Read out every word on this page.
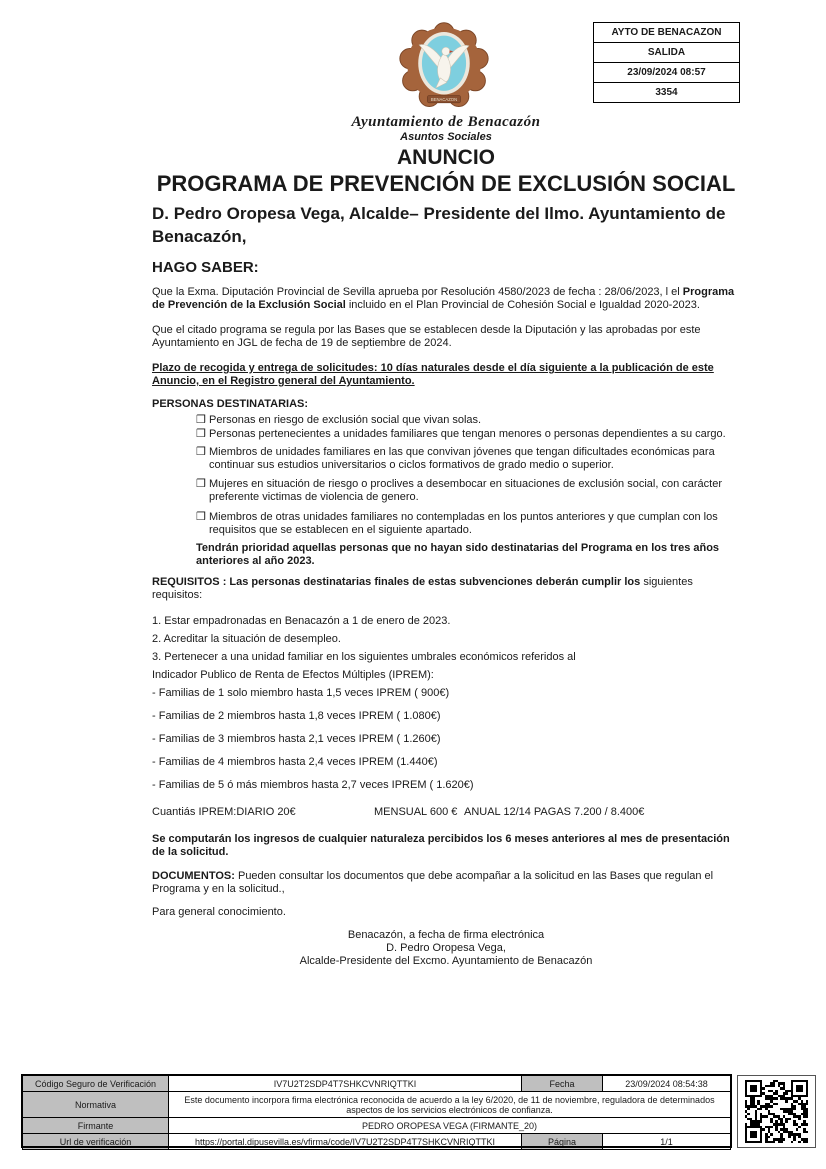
BENACAZON
AYTO DE BENACAZON
SALIDA
23/09/2024 08:57
3354
Ayuntamiento de Benacazón
Asuntos Sociales
ANUNCIO
PROGRAMA DE PREVENCIÓN DE EXCLUSIÓN SOCIAL
D. Pedro Oropesa Vega, Alcalde– Presidente del Ilmo. Ayuntamiento de Benacazón,
HAGO SABER:
Que la Exma. Diputación Provincial de Sevilla aprueba por Resolución 4580/2023 de fecha : 28/06/2023, l el Programa de Prevención de la Exclusión Social incluido en el Plan Provincial de Cohesión Social e Igualdad 2020-2023.
Que el citado programa se regula por las Bases que se establecen desde la Diputación y las aprobadas por este Ayuntamiento en JGL de fecha de 19 de septiembre de 2024.
Plazo de recogida y entrega de solicitudes: 10 días naturales desde el día siguiente a la publicación de este Anuncio, en el Registro general del Ayuntamiento.
PERSONAS DESTINATARIAS:
❒ Personas en riesgo de exclusión social que vivan solas.
❒ Personas pertenecientes a unidades familiares que tengan menores o personas dependientes a su cargo.
❒ Miembros de unidades familiares en las que convivan jóvenes que tengan dificultades económicas para continuar sus estudios universitarios o ciclos formativos de grado medio o superior.
❒ Mujeres en situación de riesgo o proclives a desembocar en situaciones de exclusión social, con carácter preferente victimas de violencia de genero.
❒ Miembros de otras unidades familiares no contempladas en los puntos anteriores y que cumplan con los requisitos que se establecen en el siguiente apartado.
Tendrán prioridad aquellas personas que no hayan sido destinatarias del Programa en los tres años anteriores al año 2023.
REQUISITOS : Las personas destinatarias finales de estas subvenciones deberán cumplir los siguientes requisitos:
1. Estar empadronadas en Benacazón a 1 de enero de 2023.
2. Acreditar la situación de desempleo.
3. Pertenecer a una unidad familiar en los siguientes umbrales económicos referidos al
Indicador Publico de Renta de Efectos Múltiples (IPREM):
- Familias de 1 solo miembro hasta 1,5 veces IPREM ( 900€)
- Familias de 2 miembros hasta 1,8 veces IPREM ( 1.080€)
- Familias de 3 miembros hasta 2,1 veces IPREM ( 1.260€)
- Familias de 4 miembros hasta 2,4 veces IPREM (1.440€)
- Familias de 5 ó más miembros hasta 2,7 veces IPREM ( 1.620€)
Cuantiás IPREM:DIARIO 20€	MENSUAL 600 € ANUAL 12/14 PAGAS 7.200 / 8.400€
Se computarán los ingresos de cualquier naturaleza percibidos los 6 meses anteriores al mes de presentación de la solicitud.
DOCUMENTOS: Pueden consultar los documentos que debe acompañar a la solicitud en las Bases que regulan el Programa y en la solicitud.,
Para general conocimiento.
Benacazón, a fecha de firma electrónica
D. Pedro Oropesa Vega,
Alcalde-Presidente del Excmo. Ayuntamiento de Benacazón
Código Seguro de Verificación	IV7U2T2SDP4T7SHKCVNRIQTTKI	Fecha	23/09/2024 08:54:38
Normativa	Este documento incorpora firma electrónica reconocida de acuerdo a la ley 6/2020, de 11 de noviembre, reguladora de determinados aspectos de los servicios electrónicos de confianza.		
Firmante	PEDRO OROPESA VEGA (FIRMANTE_20)		
Url de verificación	https://portal.dipusevilla.es/vfirma/code/IV7U2T2SDP4T7SHKCVNRIQTTKI	Página	1/1
